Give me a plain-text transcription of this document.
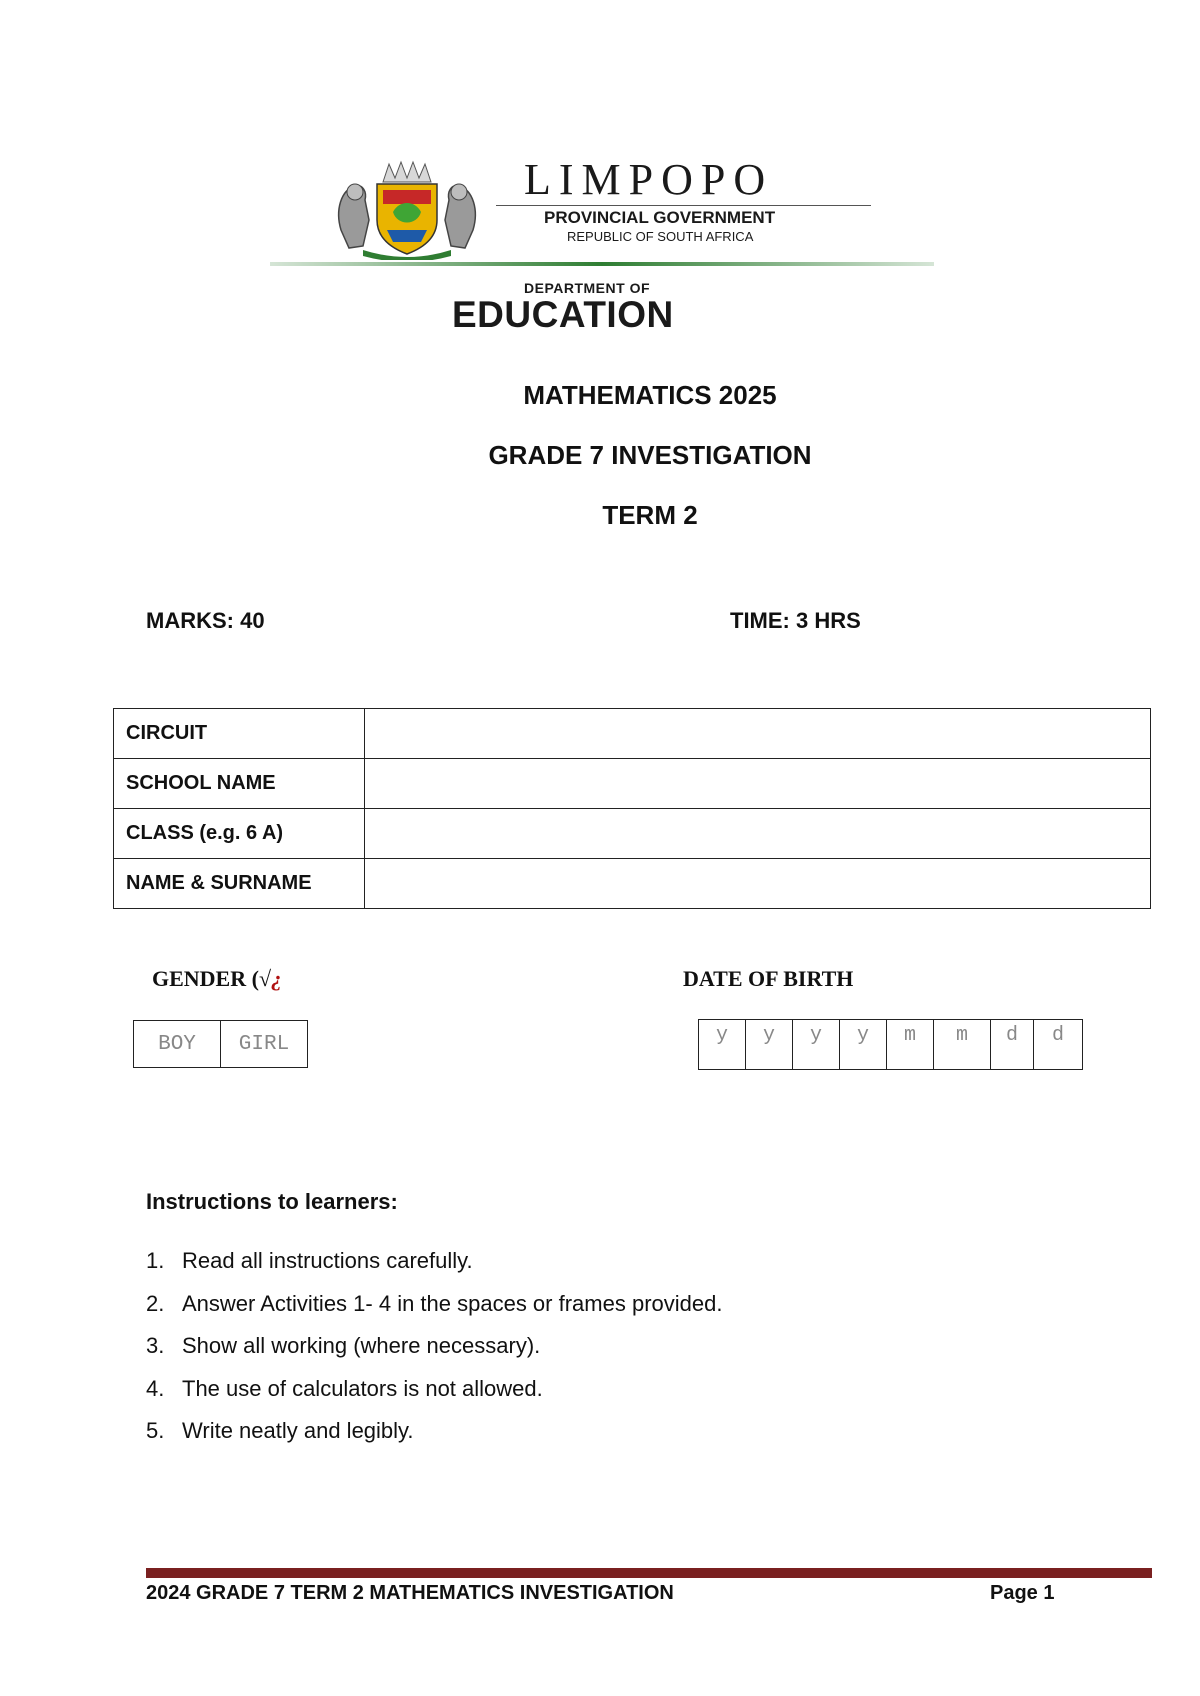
LIMPOPO
PROVINCIAL GOVERNMENT
REPUBLIC OF SOUTH AFRICA
DEPARTMENT OF
EDUCATION
MATHEMATICS 2025
GRADE 7 INVESTIGATION
TERM 2
MARKS: 40	TIME: 3 HRS
CIRCUIT	
SCHOOL NAME	
CLASS (e.g. 6 A)	
NAME & SURNAME	
GENDER (√¿
BOY	GIRL
DATE OF BIRTH
y	y	y	y	m	m	d	d
Instructions to learners:
1. Read all instructions carefully.
2. Answer Activities 1- 4 in the spaces or frames provided.
3. Show all working (where necessary).
4. The use of calculators is not allowed.
5. Write neatly and legibly.
2024 GRADE 7 TERM 2 MATHEMATICS INVESTIGATION	Page 1
